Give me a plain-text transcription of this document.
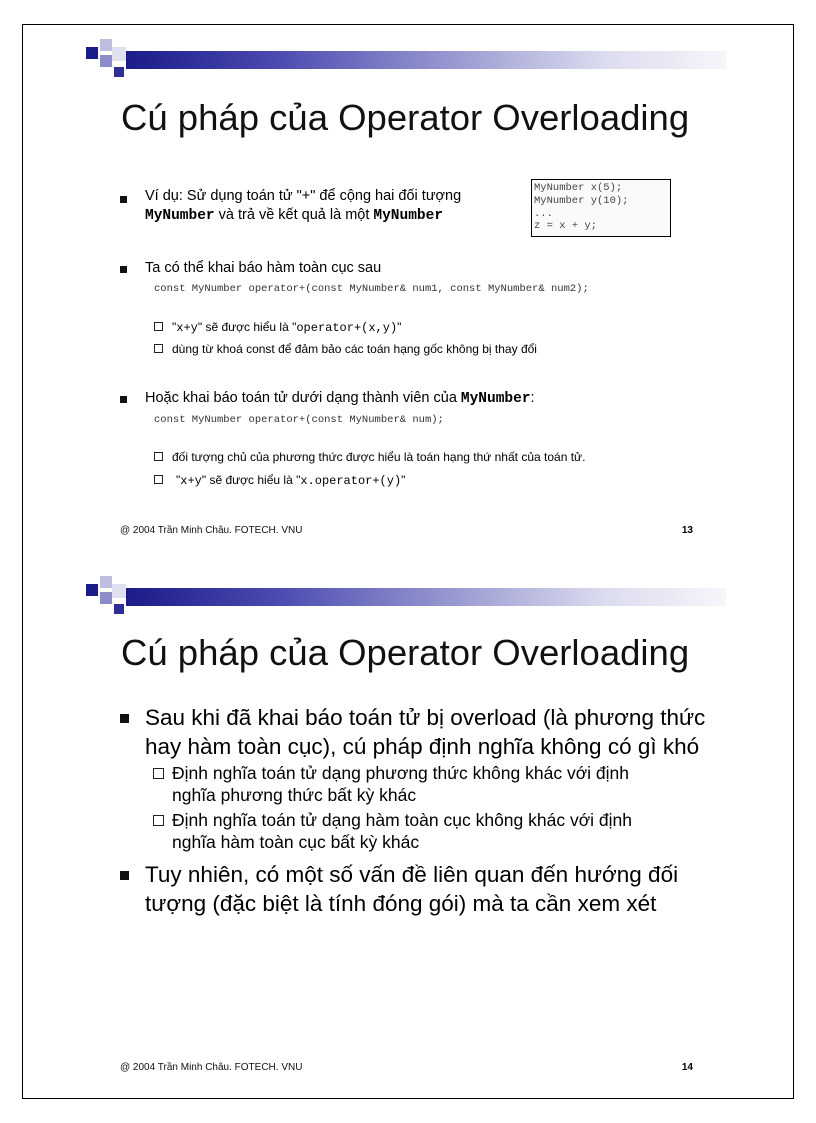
Cú pháp của Operator Overloading
Ví dụ: Sử dụng toán tử "+" để cộng hai đối tượng
MyNumber và trả về kết quả là một MyNumber
MyNumber x(5);
MyNumber y(10);
...
z = x + y;
Ta có thể khai báo hàm toàn cục sau
const MyNumber operator+(const MyNumber& num1, const MyNumber& num2);
"x+y" sẽ được hiểu là "operator+(x,y)"
dùng từ khoá const để đảm bảo các toán hạng gốc không bị thay đổi
Hoặc khai báo toán tử dưới dạng thành viên của MyNumber:
const MyNumber operator+(const MyNumber& num);
đối tượng chủ của phương thức được hiểu là toán hạng thứ nhất của toán tử.
"x+y" sẽ được hiểu là "x.operator+(y)"
@ 2004 Trần Minh Châu. FOTECH. VNU	13
Cú pháp của Operator Overloading
Sau khi đã khai báo toán tử bị overload (là phương thức
hay hàm toàn cục), cú pháp định nghĩa không có gì khó
Định nghĩa toán tử dạng phương thức không khác với định
nghĩa phương thức bất kỳ khác
Định nghĩa toán tử dạng hàm toàn cục không khác với định
nghĩa hàm toàn cục bất kỳ khác
Tuy nhiên, có một số vấn đề liên quan đến hướng đối
tượng (đặc biệt là tính đóng gói) mà ta cần xem xét
@ 2004 Trần Minh Châu. FOTECH. VNU	14
